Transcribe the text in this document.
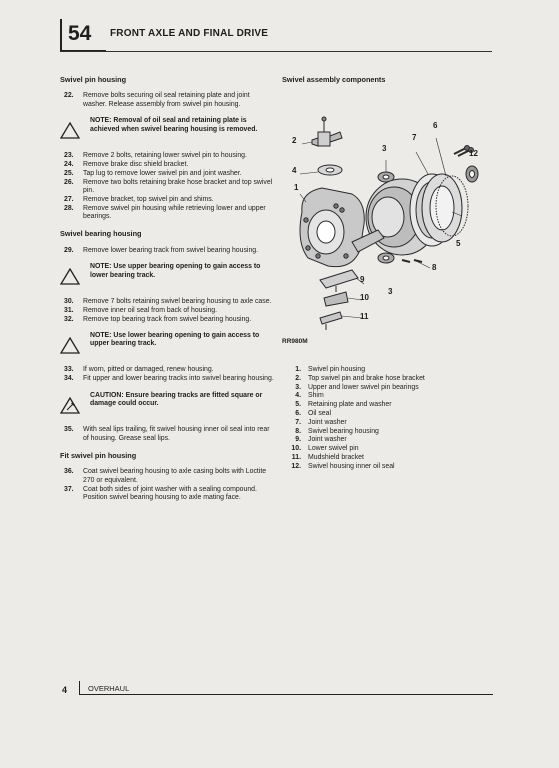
54	FRONT AXLE AND FINAL DRIVE
Swivel pin housing
22.	Remove bolts securing oil seal retaining plate and joint washer. Release assembly from swivel pin housing.
NOTE: Removal of oil seal and retaining plate is achieved when swivel bearing housing is removed.
23.	Remove 2 bolts, retaining lower swivel pin to housing.
24.	Remove brake disc shield bracket.
25.	Tap lug to remove lower swivel pin and joint washer.
26.	Remove two bolts retaining brake hose bracket and top swivel pin.
27.	Remove bracket, top swivel pin and shims.
28.	Remove swivel pin housing while retrieving lower and upper bearings.
Swivel bearing housing
29.	Remove lower bearing track from swivel bearing housing.
NOTE: Use upper bearing opening to gain access to lower bearing track.
30.	Remove 7 bolts retaining swivel bearing housing to axle case.
31.	Remove inner oil seal from back of housing.
32.	Remove top bearing track from swivel bearing housing.
NOTE: Use lower bearing opening to gain access to upper bearing track.
33.	If worn, pitted or damaged, renew housing.
34.	Fit upper and lower bearing tracks into swivel bearing housing.
CAUTION: Ensure bearing tracks are fitted square or damage could occur.
35.	With seal lips trailing, fit swivel housing inner oil seal into rear of housing. Grease seal lips.
Fit swivel pin housing
36.	Coat swivel bearing housing to axle casing bolts with Loctite 270 or equivalent.
37.	Coat both sides of joint washer with a sealing compound. Position swivel bearing housing to axle mating face.
Swivel assembly components
2
3
7
6
12
1
4
5
8
9
10
3
11
RR980M
1.	Swivel pin housing
2.	Top swivel pin and brake hose bracket
3.	Upper and lower swivel pin bearings
4.	Shim
5.	Retaining plate and washer
6.	Oil seal
7.	Joint washer
8.	Swivel bearing housing
9.	Joint washer
10.	Lower swivel pin
11.	Mudshield bracket
12.	Swivel housing inner oil seal
4	OVERHAUL
